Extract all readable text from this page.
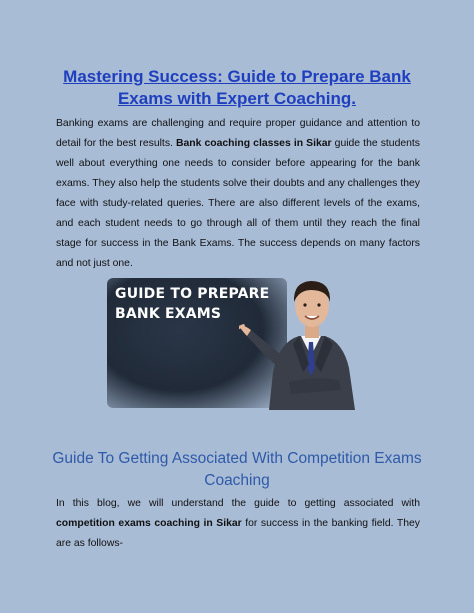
Mastering Success: Guide to Prepare Bank Exams with Expert Coaching.

Banking exams are challenging and require proper guidance and attention to detail for the best results. Bank coaching classes in Sikar guide the students well about everything one needs to consider before appearing for the bank exams. They also help the students solve their doubts and any challenges they face with study-related queries. There are also different levels of the exams, and each student needs to go through all of them until they reach the final stage for success in the Bank Exams. The success depends on many factors and not just one.

GUIDE TO PREPARE
BANK EXAMS
Guide To Getting Associated With Competition Exams Coaching

In this blog, we will understand the guide to getting associated with competition exams coaching in Sikar for success in the banking field. They are as follows-
